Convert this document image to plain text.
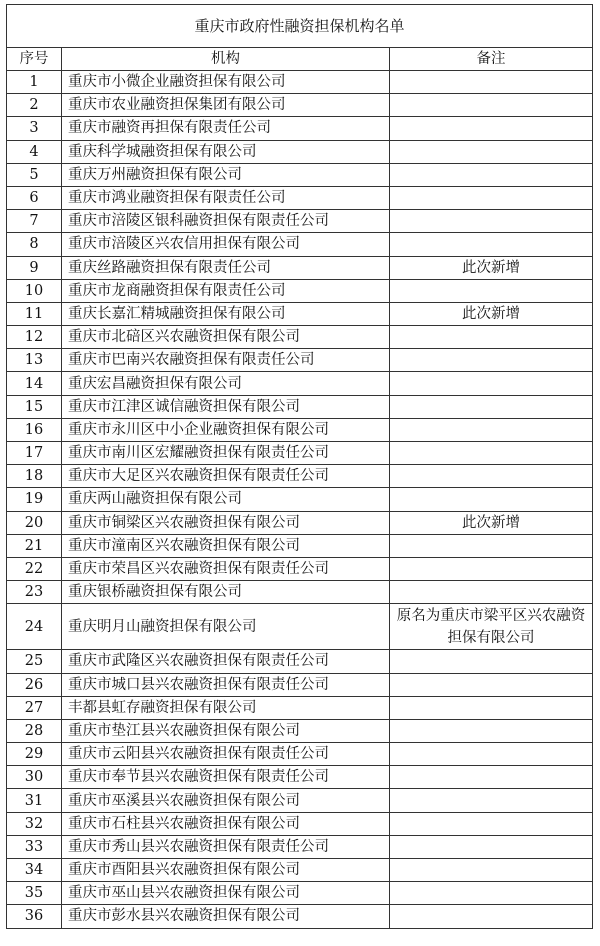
重庆市政府性融资担保机构名单		
序号	机构	备注
1	重庆市小微企业融资担保有限公司	
2	重庆市农业融资担保集团有限公司	
3	重庆市融资再担保有限责任公司	
4	重庆科学城融资担保有限公司	
5	重庆万州融资担保有限公司	
6	重庆市鸿业融资担保有限责任公司	
7	重庆市涪陵区银科融资担保有限责任公司	
8	重庆市涪陵区兴农信用担保有限公司	
9	重庆丝路融资担保有限责任公司	此次新增
10	重庆市龙商融资担保有限责任公司	
11	重庆长嘉汇精城融资担保有限公司	此次新增
12	重庆市北碚区兴农融资担保有限公司	
13	重庆市巴南兴农融资担保有限责任公司	
14	重庆宏昌融资担保有限公司	
15	重庆市江津区诚信融资担保有限公司	
16	重庆市永川区中小企业融资担保有限公司	
17	重庆市南川区宏耀融资担保有限责任公司	
18	重庆市大足区兴农融资担保有限责任公司	
19	重庆两山融资担保有限公司	
20	重庆市铜梁区兴农融资担保有限公司	此次新增
21	重庆市潼南区兴农融资担保有限公司	
22	重庆市荣昌区兴农融资担保有限责任公司	
23	重庆银桥融资担保有限公司	
24	重庆明月山融资担保有限公司	原名为重庆市梁平区兴农融资担保有限公司
25	重庆市武隆区兴农融资担保有限责任公司	
26	重庆市城口县兴农融资担保有限责任公司	
27	丰都县虹存融资担保有限公司	
28	重庆市垫江县兴农融资担保有限公司	
29	重庆市云阳县兴农融资担保有限责任公司	
30	重庆市奉节县兴农融资担保有限责任公司	
31	重庆市巫溪县兴农融资担保有限公司	
32	重庆市石柱县兴农融资担保有限公司	
33	重庆市秀山县兴农融资担保有限责任公司	
34	重庆市酉阳县兴农融资担保有限公司	
35	重庆市巫山县兴农融资担保有限公司	
36	重庆市彭水县兴农融资担保有限公司	
